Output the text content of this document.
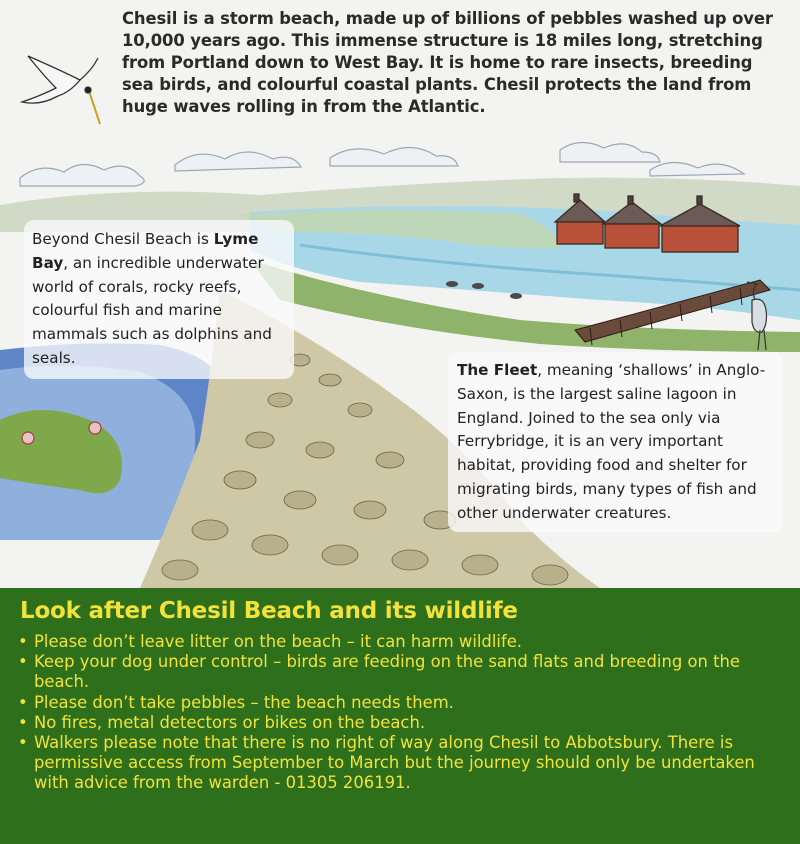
Chesil is a storm beach, made up of billions of pebbles washed up over 10,000 years ago. This immense structure is 18 miles long, stretching from Portland down to West Bay. It is home to rare insects, breeding sea birds, and colourful coastal plants. Chesil protects the land from huge waves rolling in from the Atlantic.
Beyond Chesil Beach is Lyme Bay, an incredible underwater world of corals, rocky reefs, colourful fish and marine mammals such as dolphins and seals.
The Fleet, meaning ‘shallows’ in Anglo-Saxon, is the largest saline lagoon in England. Joined to the sea only via Ferrybridge, it is an very important habitat, providing food and shelter for migrating birds, many types of fish and other underwater creatures.
Look after Chesil Beach and its wildlife
• Please don’t leave litter on the beach – it can harm wildlife.
• Keep your dog under control – birds are feeding on the sand flats and breeding on the beach.
• Please don’t take pebbles – the beach needs them.
• No fires, metal detectors or bikes on the beach.
• Walkers please note that there is no right of way along Chesil to Abbotsbury. There is permissive access from September to March but the journey should only be undertaken with advice from the warden - 01305 206191.
